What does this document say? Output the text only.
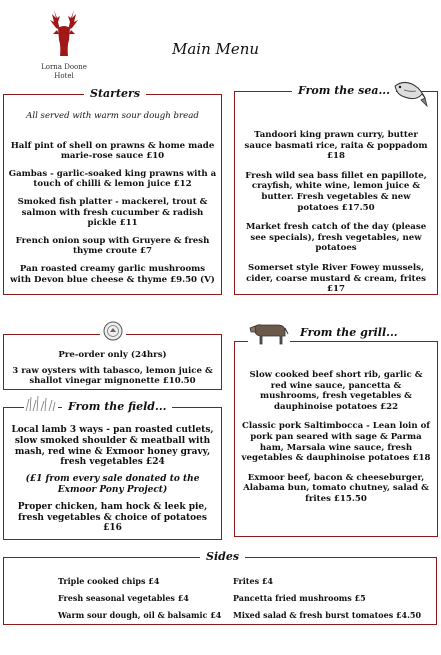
Lorna Doone
Hotel
Main Menu
Starters

All served with warm sour dough bread

Half pint of shell on prawns & home made marie-rose sauce £10

Gambas - garlic-soaked king prawns with a touch of chilli & lemon juice £12

Smoked fish platter - mackerel, trout & salmon with fresh cucumber & radish pickle £11

French onion soup with Gruyere & fresh thyme croute £7

Pan roasted creamy garlic mushrooms with Devon blue cheese & thyme £9.50 (V)

From the sea...

Tandoori king prawn curry, butter sauce basmati rice, raita & poppadom £18

Fresh wild sea bass fillet en papillote, crayfish, white wine, lemon juice & butter. Fresh vegetables & new potatoes £17.50

Market fresh catch of the day (please see specials), fresh vegetables, new potatoes

Somerset style River Fowey mussels, cider, coarse mustard & cream, frites £17

Pre-order only (24hrs)

3 raw oysters with tabasco, lemon juice & shallot vinegar mignonette £10.50

From the field...

Local lamb 3 ways - pan roasted cutlets, slow smoked shoulder & meatball with mash, red wine & Exmoor honey gravy, fresh vegetables £24

(£1 from every sale donated to the Exmoor Pony Project)

Proper chicken, ham hock & leek pie, fresh vegetables & choice of potatoes £16

From the grill...

Slow cooked beef short rib, garlic & red wine sauce, pancetta & mushrooms, fresh vegetables & dauphinoise potatoes £22

Classic pork Saltimbocca - Lean loin of pork pan seared with sage & Parma ham, Marsala wine sauce, fresh vegetables & dauphinoise potatoes £18

Exmoor beef, bacon & cheeseburger, Alabama bun, tomato chutney, salad & frites £15.50

Sides
Triple cooked chips £4
Fresh seasonal vegetables £4
Warm sour dough, oil & balsamic £4
Frites £4
Pancetta fried mushrooms £5
Mixed salad & fresh burst tomatoes £4.50
